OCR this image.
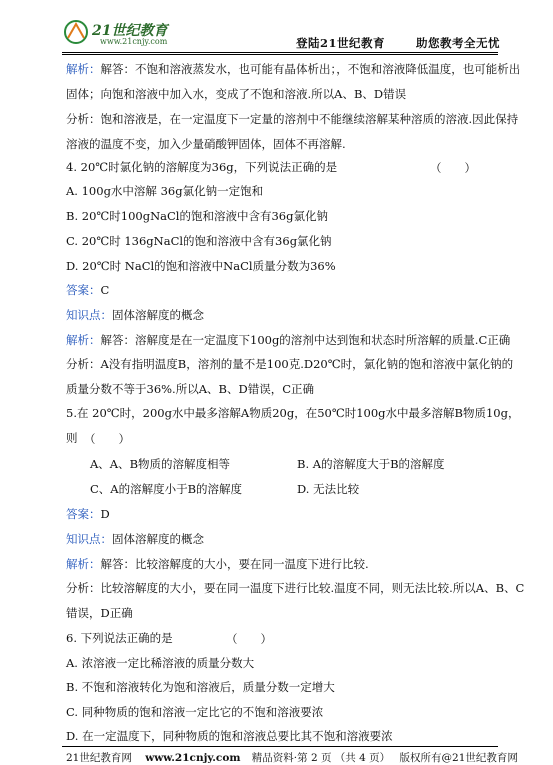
21世纪教育
www.21cnjy.com	登陆21世纪教育	助您教考全无忧
解析：解答：不饱和溶液蒸发水，也可能有晶体析出；，不饱和溶液降低温度，也可能析出
固体；向饱和溶液中加入水，变成了不饱和溶液.所以A、B、D错误
分析：饱和溶液是，在一定温度下一定量的溶剂中不能继续溶解某种溶质的溶液.因此保持
溶液的温度不变，加入少量硝酸钾固体，固体不再溶解.
4. 20℃时氯化钠的溶解度为36g，下列说法正确的是	（　　）
A. 100g水中溶解 36g氯化钠一定饱和
B. 20℃时100gNaCl的饱和溶液中含有36g氯化钠
C. 20℃时 136gNaCl的饱和溶液中含有36g氯化钠
D. 20℃时 NaCl的饱和溶液中NaCl质量分数为36%
答案：C
知识点：固体溶解度的概念
解析：解答：溶解度是在一定温度下100g的溶剂中达到饱和状态时所溶解的质量.C正确
分析：A没有指明温度B，溶剂的量不是100克.D20℃时，氯化钠的饱和溶液中氯化钠的
质量分数不等于36%.所以A、B、D错误，C正确
5.在 20℃时，200g水中最多溶解A物质20g，在50℃时100g水中最多溶解B物质10g，
则 （　　）
A、A、B物质的溶解度相等	B. A的溶解度大于B的溶解度
C、A的溶解度小于B的溶解度	D. 无法比较
答案：D
知识点：固体溶解度的概念
解析：解答：比较溶解度的大小，要在同一温度下进行比较.
分析：比较溶解度的大小，要在同一温度下进行比较.温度不同，则无法比较.所以A、B、C
错误，D正确
6. 下列说法正确的是	（　　）
A. 浓溶液一定比稀溶液的质量分数大
B. 不饱和溶液转化为饱和溶液后，质量分数一定增大
C. 同种物质的饱和溶液一定比它的不饱和溶液要浓
D. 在一定温度下，同种物质的饱和溶液总要比其不饱和溶液要浓
21世纪教育网 www.21cnjy.com 精品资料·第 2 页 （共 4 页） 版权所有@21世纪教育网
